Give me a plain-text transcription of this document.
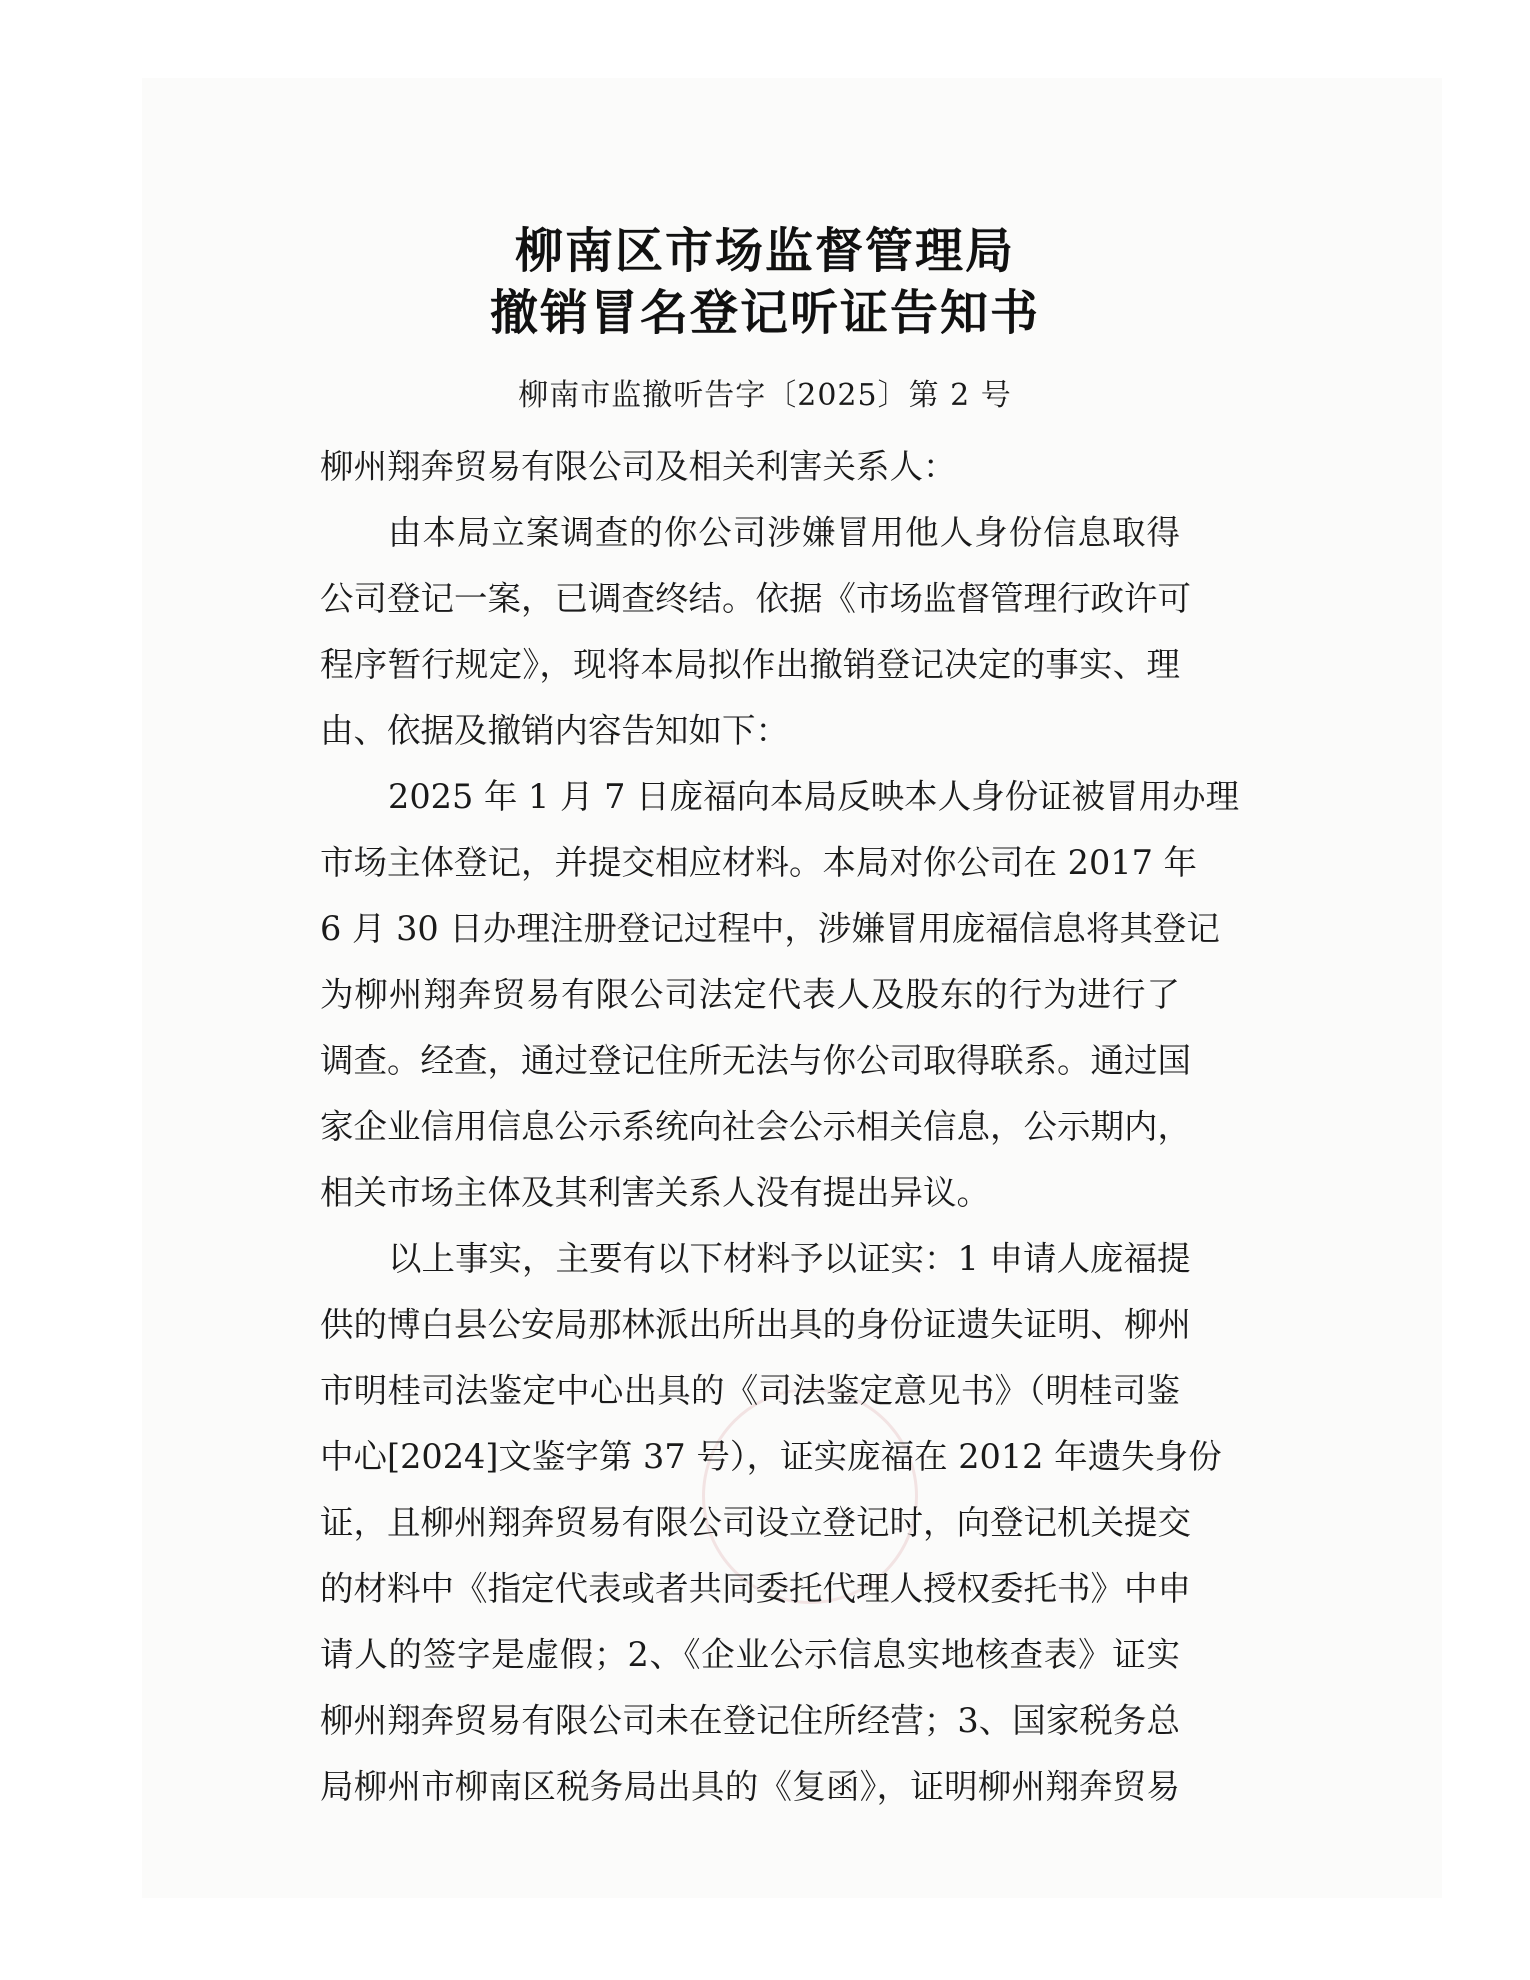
柳南区市场监督管理局
撤销冒名登记听证告知书
柳南市监撤听告字〔2025〕第 2 号
柳州翔奔贸易有限公司及相关利害关系人：
由本局立案调查的你公司涉嫌冒用他人身份信息取得
公司登记一案，已调查终结。依据《市场监督管理行政许可
程序暂行规定》，现将本局拟作出撤销登记决定的事实、理
由、依据及撤销内容告知如下：
2025 年 1 月 7 日庞福向本局反映本人身份证被冒用办理
市场主体登记，并提交相应材料。本局对你公司在 2017 年
6 月 30 日办理注册登记过程中，涉嫌冒用庞福信息将其登记
为柳州翔奔贸易有限公司法定代表人及股东的行为进行了
调查。经查，通过登记住所无法与你公司取得联系。通过国
家企业信用信息公示系统向社会公示相关信息，公示期内，
相关市场主体及其利害关系人没有提出异议。
以上事实，主要有以下材料予以证实：1 申请人庞福提
供的博白县公安局那林派出所出具的身份证遗失证明、柳州
市明桂司法鉴定中心出具的《司法鉴定意见书》（明桂司鉴
中心[2024]文鉴字第 37 号），证实庞福在 2012 年遗失身份
证，且柳州翔奔贸易有限公司设立登记时，向登记机关提交
的材料中《指定代表或者共同委托代理人授权委托书》中申
请人的签字是虚假；2、《企业公示信息实地核查表》证实
柳州翔奔贸易有限公司未在登记住所经营；3、国家税务总
局柳州市柳南区税务局出具的《复函》，证明柳州翔奔贸易
